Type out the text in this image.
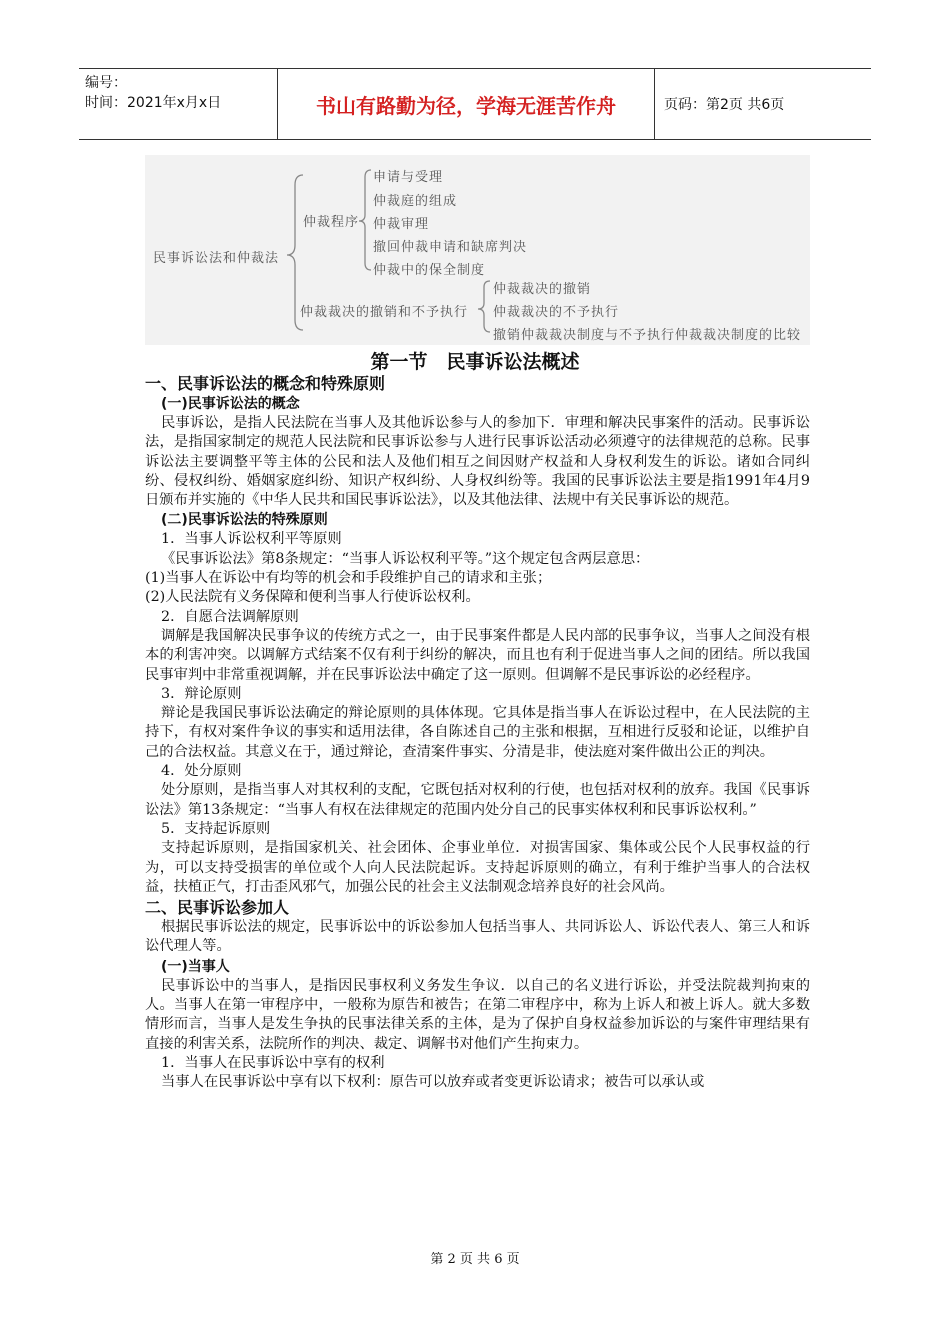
编号：
时间：2021年x月x日	书山有路勤为径，学海无涯苦作舟	页码：第2页 共6页
民事诉讼法和仲裁法
仲裁程序
申请与受理
仲裁庭的组成
仲裁审理
撤回仲裁申请和缺席判决
仲裁中的保全制度
仲裁裁决的撤销和不予执行
仲裁裁决的撤销
仲裁裁决的不予执行
撤销仲裁裁决制度与不予执行仲裁裁决制度的比较
第一节　民事诉讼法概述
一、民事诉讼法的概念和特殊原则
(一)民事诉讼法的概念
民事诉讼，是指人民法院在当事人及其他诉讼参与人的参加下．审理和解决民事案件的活动。民事诉讼法，是指国家制定的规范人民法院和民事诉讼参与人进行民事诉讼活动必须遵守的法律规范的总称。民事诉讼法主要调整平等主体的公民和法人及他们相互之间因财产权益和人身权利发生的诉讼。诸如合同纠纷、侵权纠纷、婚姻家庭纠纷、知识产权纠纷、人身权纠纷等。我国的民事诉讼法主要是指1991年4月9日颁布并实施的《中华人民共和国民事诉讼法》，以及其他法律、法规中有关民事诉讼的规范。
(二)民事诉讼法的特殊原则
1．当事人诉讼权利平等原则
《民事诉讼法》第8条规定：“当事人诉讼权利平等。”这个规定包含两层意思：
(1)当事人在诉讼中有均等的机会和手段维护自己的请求和主张；
(2)人民法院有义务保障和便利当事人行使诉讼权利。
2．自愿合法调解原则
调解是我国解决民事争议的传统方式之一，由于民事案件都是人民内部的民事争议，当事人之间没有根本的利害冲突。以调解方式结案不仅有利于纠纷的解决，而且也有利于促进当事人之间的团结。所以我国民事审判中非常重视调解，并在民事诉讼法中确定了这一原则。但调解不是民事诉讼的必经程序。
3．辩论原则
辩论是我国民事诉讼法确定的辩论原则的具体体现。它具体是指当事人在诉讼过程中，在人民法院的主持下，有权对案件争议的事实和适用法律，各自陈述自己的主张和根据，互相进行反驳和论证，以维护自己的合法权益。其意义在于，通过辩论，查清案件事实、分清是非，使法庭对案件做出公正的判决。
4．处分原则
处分原则，是指当事人对其权利的支配，它既包括对权利的行使，也包括对权利的放弃。我国《民事诉讼法》第13条规定：“当事人有权在法律规定的范围内处分自己的民事实体权利和民事诉讼权利。”
5．支持起诉原则
支持起诉原则，是指国家机关、社会团体、企事业单位．对损害国家、集体或公民个人民事权益的行为，可以支持受损害的单位或个人向人民法院起诉。支持起诉原则的确立，有利于维护当事人的合法权益，扶植正气，打击歪风邪气，加强公民的社会主义法制观念培养良好的社会风尚。
二、民事诉讼参加人
根据民事诉讼法的规定，民事诉讼中的诉讼参加人包括当事人、共同诉讼人、诉讼代表人、第三人和诉讼代理人等。
(一)当事人
民事诉讼中的当事人，是指因民事权利义务发生争议．以自己的名义进行诉讼，并受法院裁判拘束的人。当事人在第一审程序中，一般称为原告和被告；在第二审程序中，称为上诉人和被上诉人。就大多数情形而言，当事人是发生争执的民事法律关系的主体，是为了保护自身权益参加诉讼的与案件审理结果有直接的利害关系，法院所作的判决、裁定、调解书对他们产生拘束力。
1．当事人在民事诉讼中享有的权利
当事人在民事诉讼中享有以下权利：原告可以放弃或者变更诉讼请求；被告可以承认或
第 2 页 共 6 页
